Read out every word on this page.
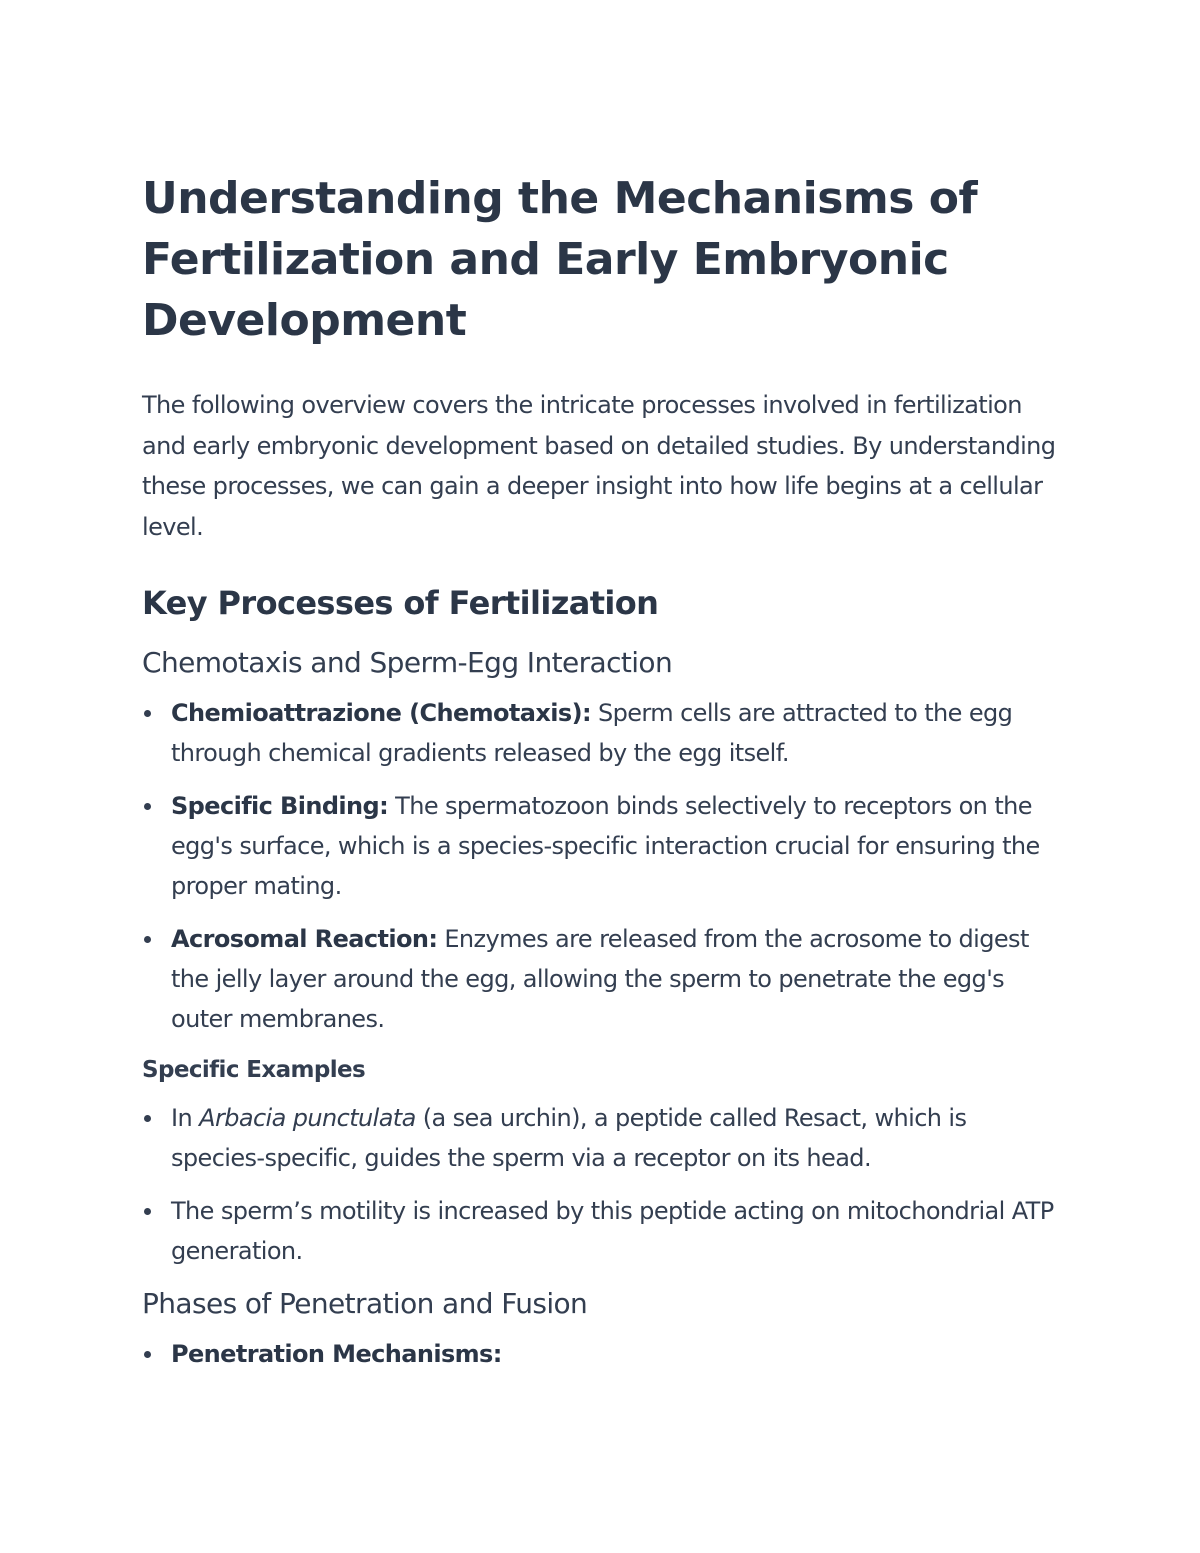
Understanding the Mechanisms of Fertilization and Early Embryonic Development

The following overview covers the intricate processes involved in fertilization and early embryonic development based on detailed studies. By understanding these processes, we can gain a deeper insight into how life begins at a cellular level.

Key Processes of Fertilization
Chemotaxis and Sperm-Egg Interaction
Chemioattrazione (Chemotaxis): Sperm cells are attracted to the egg through chemical gradients released by the egg itself.
Specific Binding: The spermatozoon binds selectively to receptors on the egg's surface, which is a species-specific interaction crucial for ensuring the proper mating.
Acrosomal Reaction: Enzymes are released from the acrosome to digest the jelly layer around the egg, allowing the sperm to penetrate the egg's outer membranes.
Specific Examples
In Arbacia punctulata (a sea urchin), a peptide called Resact, which is species-specific, guides the sperm via a receptor on its head.
The sperm’s motility is increased by this peptide acting on mitochondrial ATP generation.
Phases of Penetration and Fusion
Penetration Mechanisms:
